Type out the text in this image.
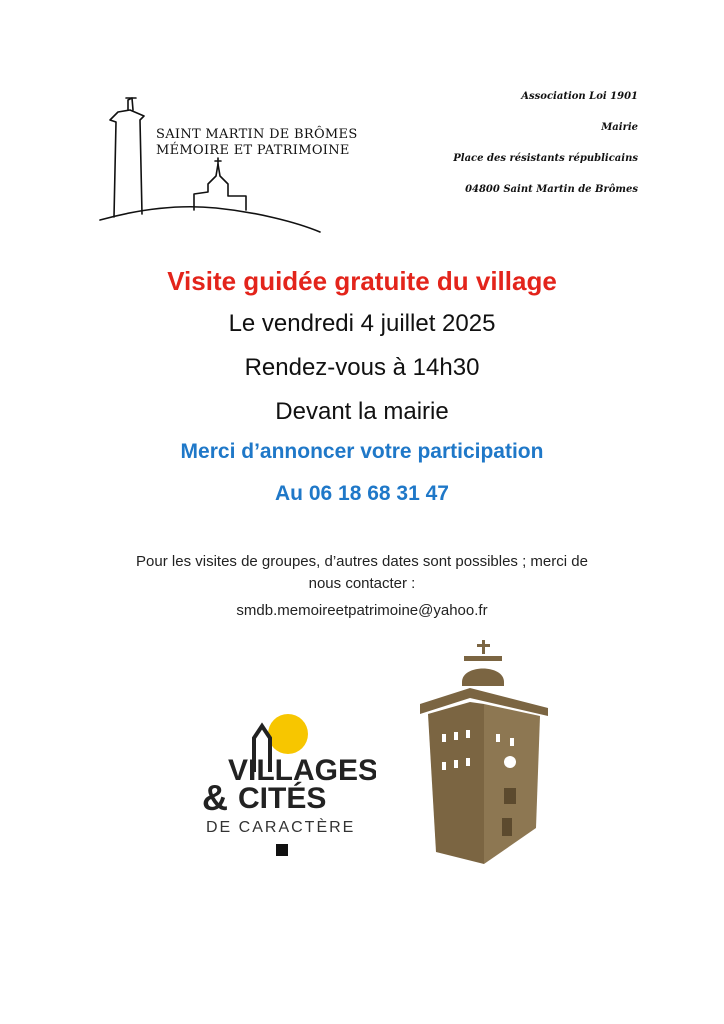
SAINT MARTIN DE BRÔMES
MÉMOIRE ET PATRIMOINE
Association Loi 1901
Mairie
Place des résistants républicains
04800 Saint Martin de Brômes
Visite guidée gratuite du village
Le vendredi 4 juillet 2025
Rendez-vous à 14h30
Devant la mairie
Merci d’annoncer votre participation
Au 06 18 68 31 47
Pour les visites de groupes, d’autres dates sont possibles ; merci de
nous contacter :
smdb.memoireetpatrimoine@yahoo.fr
VILLAGES
& CITÉS
DE CARACTÈRE
